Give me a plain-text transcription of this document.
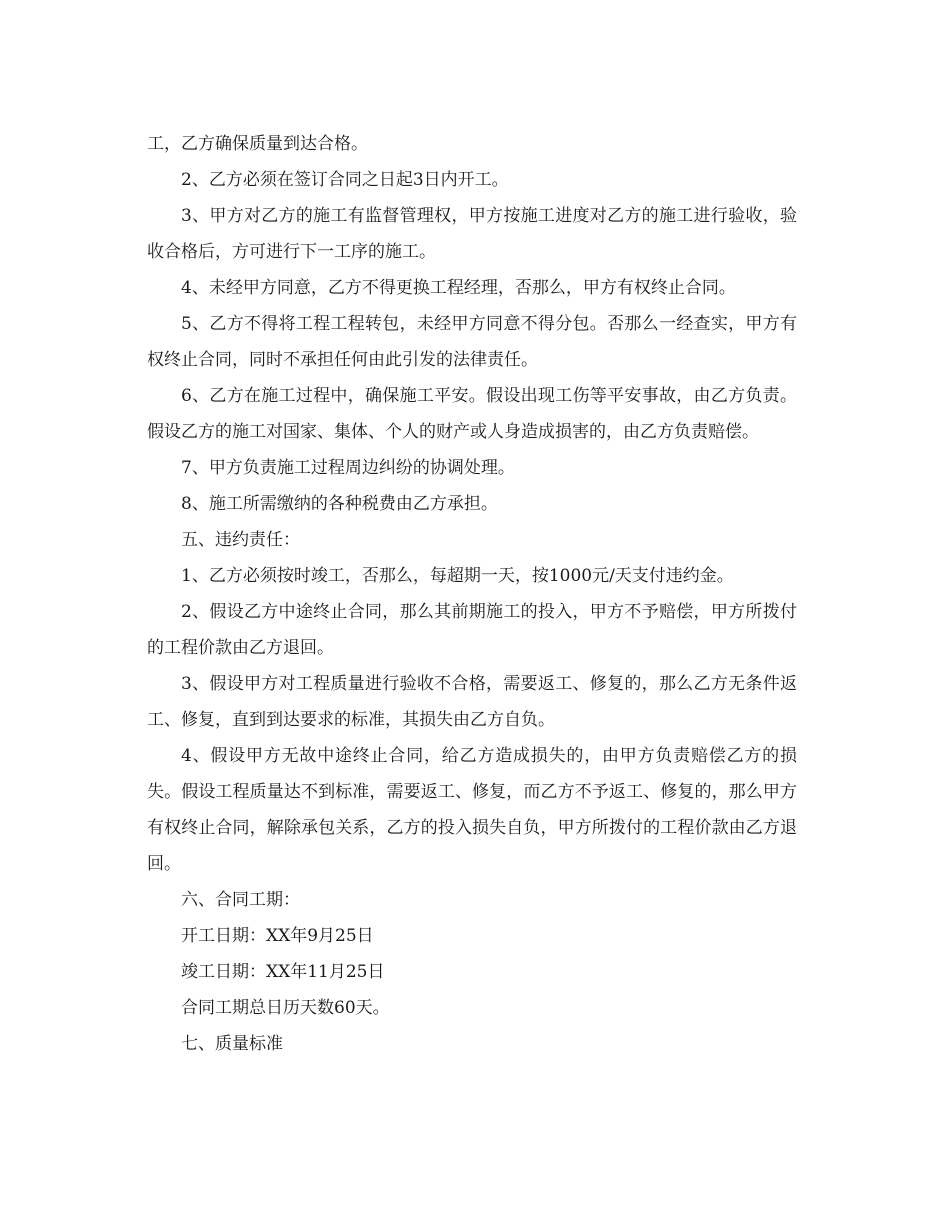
工，乙方确保质量到达合格。

2、乙方必须在签订合同之日起3日内开工。

3、甲方对乙方的施工有监督管理权，甲方按施工进度对乙方的施工进行验收，验收合格后，方可进行下一工序的施工。

4、未经甲方同意，乙方不得更换工程经理，否那么，甲方有权终止合同。

5、乙方不得将工程工程转包，未经甲方同意不得分包。否那么一经查实，甲方有权终止合同，同时不承担任何由此引发的法律责任。

6、乙方在施工过程中，确保施工平安。假设出现工伤等平安事故，由乙方负责。假设乙方的施工对国家、集体、个人的财产或人身造成损害的，由乙方负责赔偿。

7、甲方负责施工过程周边纠纷的协调处理。

8、施工所需缴纳的各种税费由乙方承担。

五、违约责任：

1、乙方必须按时竣工，否那么，每超期一天，按1000元/天支付违约金。

2、假设乙方中途终止合同，那么其前期施工的投入，甲方不予赔偿，甲方所拨付的工程价款由乙方退回。

3、假设甲方对工程质量进行验收不合格，需要返工、修复的，那么乙方无条件返工、修复，直到到达要求的标准，其损失由乙方自负。

4、假设甲方无故中途终止合同，给乙方造成损失的，由甲方负责赔偿乙方的损失。假设工程质量达不到标准，需要返工、修复，而乙方不予返工、修复的，那么甲方有权终止合同，解除承包关系，乙方的投入损失自负，甲方所拨付的工程价款由乙方退回。

六、合同工期：

开工日期：XX年9月25日

竣工日期：XX年11月25日

合同工期总日历天数60天。

七、质量标准
